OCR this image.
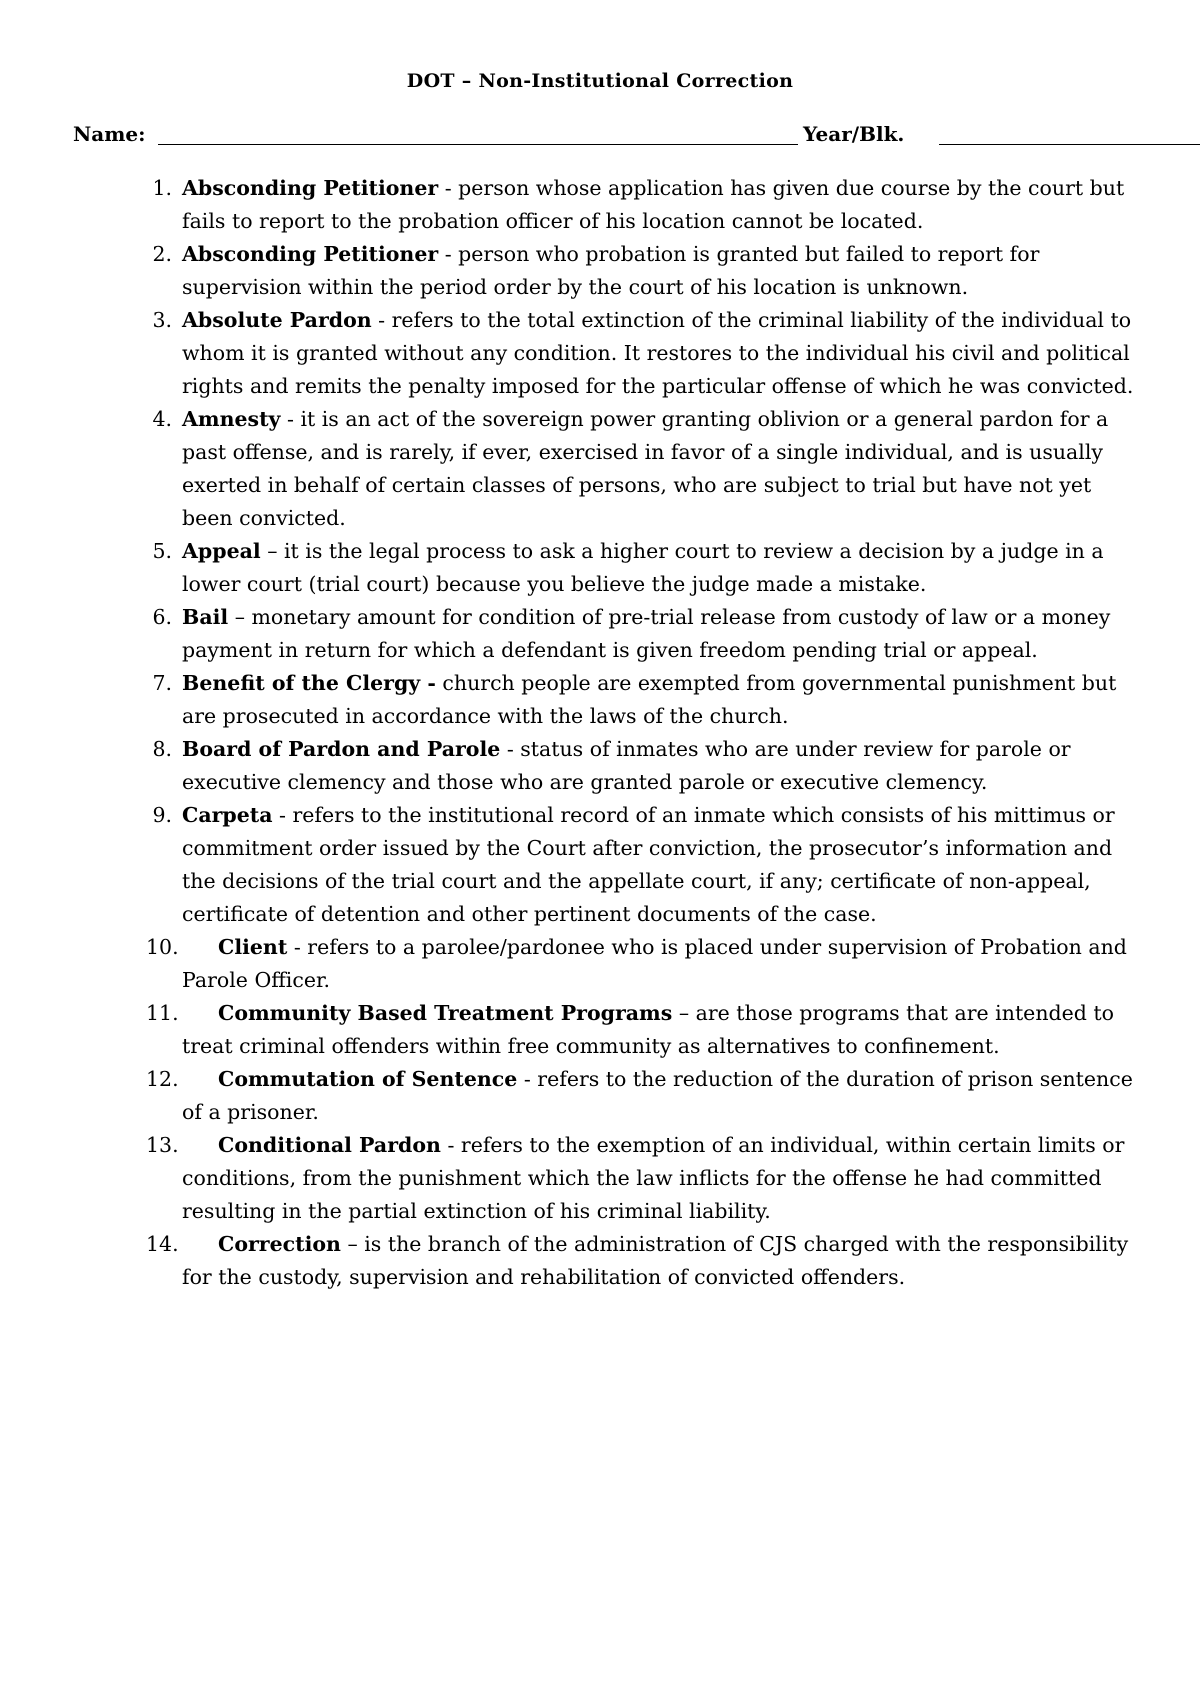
DOT – Non-Institutional Correction
Name:	Year/Blk.
1. Absconding Petitioner - person whose application has given due course by the court but fails to report to the probation officer of his location cannot be located.
2. Absconding Petitioner - person who probation is granted but failed to report for supervision within the period order by the court of his location is unknown.
3. Absolute Pardon - refers to the total extinction of the criminal liability of the individual to whom it is granted without any condition. It restores to the individual his civil and political rights and remits the penalty imposed for the particular offense of which he was convicted.
4. Amnesty - it is an act of the sovereign power granting oblivion or a general pardon for a past offense, and is rarely, if ever, exercised in favor of a single individual, and is usually exerted in behalf of certain classes of persons, who are subject to trial but have not yet been convicted.
5. Appeal – it is the legal process to ask a higher court to review a decision by a judge in a lower court (trial court) because you believe the judge made a mistake.
6. Bail – monetary amount for condition of pre-trial release from custody of law or a money payment in return for which a defendant is given freedom pending trial or appeal.
7. Benefit of the Clergy - church people are exempted from governmental punishment but are prosecuted in accordance with the laws of the church.
8. Board of Pardon and Parole - status of inmates who are under review for parole or executive clemency and those who are granted parole or executive clemency.
9. Carpeta - refers to the institutional record of an inmate which consists of his mittimus or commitment order issued by the Court after conviction, the prosecutor’s information and the decisions of the trial court and the appellate court, if any; certificate of non-appeal, certificate of detention and other pertinent documents of the case.
10. Client - refers to a parolee/pardonee who is placed under supervision of Probation and Parole Officer.
11. Community Based Treatment Programs – are those programs that are intended to treat criminal offenders within free community as alternatives to confinement.
12. Commutation of Sentence - refers to the reduction of the duration of prison sentence of a prisoner.
13. Conditional Pardon - refers to the exemption of an individual, within certain limits or conditions, from the punishment which the law inflicts for the offense he had committed resulting in the partial extinction of his criminal liability.
14. Correction – is the branch of the administration of CJS charged with the responsibility for the custody, supervision and rehabilitation of convicted offenders.
